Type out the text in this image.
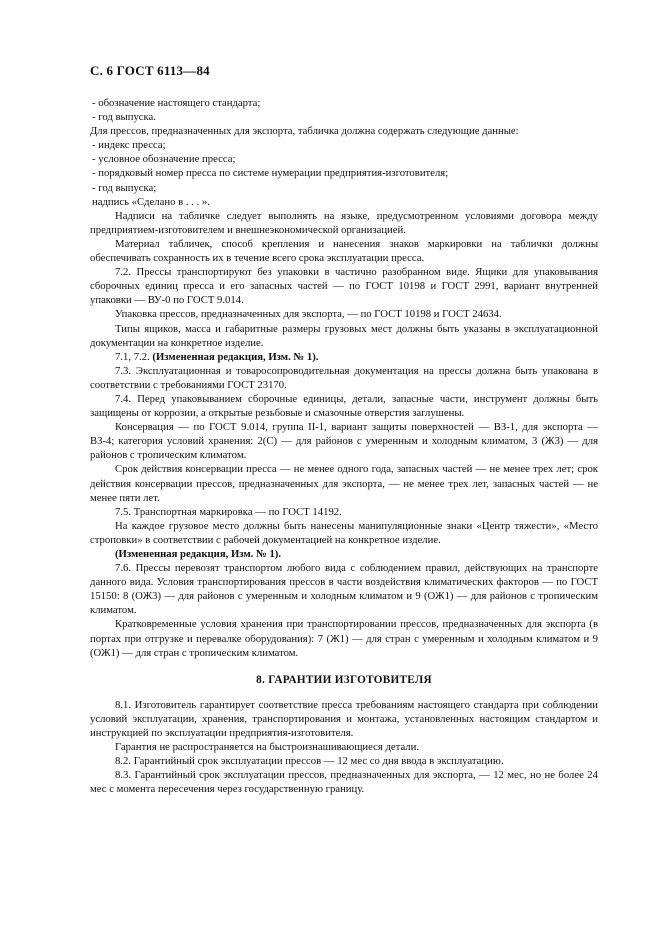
С. 6 ГОСТ 6113—84

- обозначение настоящего стандарта;

- год выпуска.

Для прессов, предназначенных для экспорта, табличка должна содержать следующие данные:

- индекс пресса;

- условное обозначение пресса;

- порядковый номер пресса по системе нумерации предприятия-изготовителя;

- год выпуска;

надпись «Сделано в . . . ».

Надписи на табличке следует выполнять на языке, предусмотренном условиями договора между предприятием-изготовителем и внешнеэкономической организацией.

Материал табличек, способ крепления и нанесения знаков маркировки на таблички должны обеспечивать сохранность их в течение всего срока эксплуатации пресса.

7.2. Прессы транспортируют без упаковки в частично разобранном виде. Ящики для упаковывания сборочных единиц пресса и его запасных частей — по ГОСТ 10198 и ГОСТ 2991, вариант внутренней упаковки — ВУ-0 по ГОСТ 9.014.

Упаковка прессов, предназначенных для экспорта, — по ГОСТ 10198 и ГОСТ 24634.

Типы ящиков, масса и габаритные размеры грузовых мест должны быть указаны в эксплуатационной документации на конкретное изделие.

7.1, 7.2. (Измененная редакция, Изм. № 1).

7.3. Эксплуатационная и товаросопроводительная документация на прессы должна быть упакована в соответствии с требованиями ГОСТ 23170.

7.4. Перед упаковыванием сборочные единицы, детали, запасные части, инструмент должны быть защищены от коррозии, а открытые резьбовые и смазочные отверстия заглушены.

Консервация — по ГОСТ 9.014, группа II-1, вариант защиты поверхностей — ВЗ-1, для экспорта — ВЗ-4; категория условий хранения: 2(С) — для районов с умеренным и холодным климатом, 3 (Ж3) — для районов с тропическим климатом.

Срок действия консервации пресса — не менее одного года, запасных частей — не менее трех лет; срок действия консервации прессов, предназначенных для экспорта, — не менее трех лет, запасных частей — не менее пяти лет.

7.5. Транспортная маркировка — по ГОСТ 14192.

На каждое грузовое место должны быть нанесены манипуляционные знаки «Центр тяжести», «Место строповки» в соответствии с рабочей документацией на конкретное изделие.

(Измененная редакция, Изм. № 1).

7.6. Прессы перевозят транспортом любого вида с соблюдением правил, действующих на транспорте данного вида. Условия транспортирования прессов в части воздействия климатических факторов — по ГОСТ 15150: 8 (ОЖ3) — для районов с умеренным и холодным климатом и 9 (ОЖ1) — для районов с тропическим климатом.

Кратковременные условия хранения при транспортировании прессов, предназначенных для экспорта (в портах при отгрузке и перевалке оборудования): 7 (Ж1) — для стран с умеренным и холодным климатом и 9 (ОЖ1) — для стран с тропическим климатом.

8. ГАРАНТИИ ИЗГОТОВИТЕЛЯ

8.1. Изготовитель гарантирует соответствие пресса требованиям настоящего стандарта при соблюдении условий эксплуатации, хранения, транспортирования и монтажа, установленных настоящим стандартом и инструкцией по эксплуатации предприятия-изготовителя.

Гарантия не распространяется на быстроизнашивающиеся детали.

8.2. Гарантийный срок эксплуатации прессов — 12 мес со дня ввода в эксплуатацию.

8.3. Гарантийный срок эксплуатации прессов, предназначенных для экспорта, — 12 мес, но не более 24 мес с момента пересечения через государственную границу.
